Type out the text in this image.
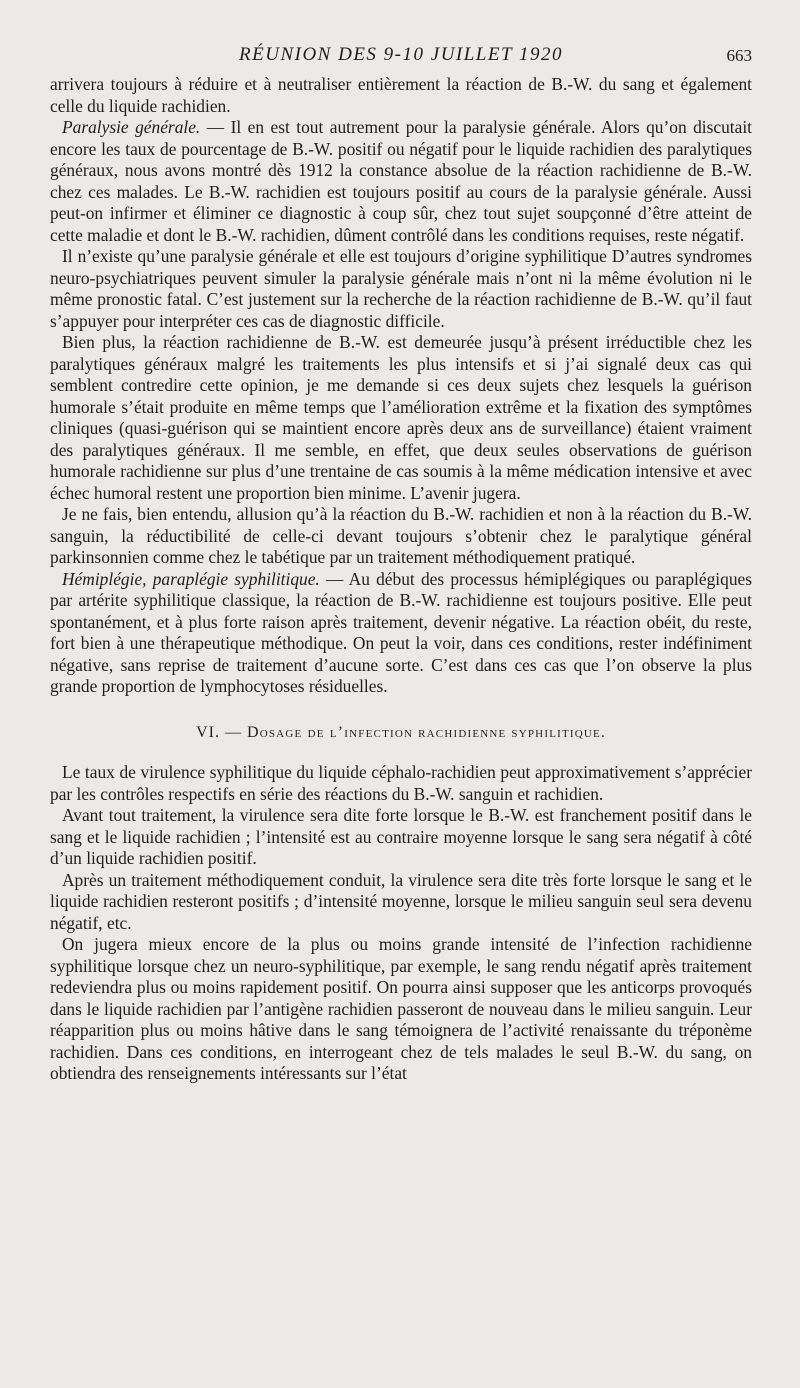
RÉUNION DES 9-10 JUILLET 1920	663

arrivera toujours à réduire et à neutraliser entièrement la réaction de B.-W. du sang et également celle du liquide rachidien.

Paralysie générale. — Il en est tout autrement pour la paralysie générale. Alors qu’on discutait encore les taux de pourcentage de B.-W. positif ou négatif pour le liquide rachidien des paralytiques généraux, nous avons montré dès 1912 la constance absolue de la réaction rachidienne de B.-W. chez ces malades. Le B.-W. rachidien est toujours positif au cours de la paralysie générale. Aussi peut-on infirmer et éliminer ce diagnostic à coup sûr, chez tout sujet soupçonné d’être atteint de cette maladie et dont le B.-W. rachidien, dûment contrôlé dans les conditions requises, reste négatif.

Il n’existe qu’une paralysie générale et elle est toujours d’origine syphilitique D’autres syndromes neuro-psychiatriques peuvent simuler la paralysie générale mais n’ont ni la même évolution ni le même pronostic fatal. C’est justement sur la recherche de la réaction rachidienne de B.-W. qu’il faut s’appuyer pour interpréter ces cas de diagnostic difficile.

Bien plus, la réaction rachidienne de B.-W. est demeurée jusqu’à présent irréductible chez les paralytiques généraux malgré les traitements les plus intensifs et si j’ai signalé deux cas qui semblent contredire cette opinion, je me demande si ces deux sujets chez lesquels la guérison humorale s’était produite en même temps que l’amélioration extrême et la fixation des symptômes cliniques (quasi-guérison qui se maintient encore après deux ans de surveillance) étaient vraiment des paralytiques généraux. Il me semble, en effet, que deux seules observations de guérison humorale rachidienne sur plus d’une trentaine de cas soumis à la même médication intensive et avec échec humoral restent une proportion bien minime. L’avenir jugera.

Je ne fais, bien entendu, allusion qu’à la réaction du B.-W. rachidien et non à la réaction du B.-W. sanguin, la réductibilité de celle-ci devant toujours s’obtenir chez le paralytique général parkinsonnien comme chez le tabétique par un traitement méthodiquement pratiqué.

Hémiplégie, paraplégie syphilitique. — Au début des processus hémiplégiques ou paraplégiques par artérite syphilitique classique, la réaction de B.-W. rachidienne est toujours positive. Elle peut spontanément, et à plus forte raison après traitement, devenir négative. La réaction obéit, du reste, fort bien à une thérapeutique méthodique. On peut la voir, dans ces conditions, rester indéfiniment négative, sans reprise de traitement d’aucune sorte. C’est dans ces cas que l’on observe la plus grande proportion de lymphocytoses résiduelles.

VI. — Dosage de l’infection rachidienne syphilitique.

Le taux de virulence syphilitique du liquide céphalo-rachidien peut approximativement s’apprécier par les contrôles respectifs en série des réactions du B.-W. sanguin et rachidien.

Avant tout traitement, la virulence sera dite forte lorsque le B.-W. est franchement positif dans le sang et le liquide rachidien ; l’intensité est au contraire moyenne lorsque le sang sera négatif à côté d’un liquide rachidien positif.

Après un traitement méthodiquement conduit, la virulence sera dite très forte lorsque le sang et le liquide rachidien resteront positifs ; d’intensité moyenne, lorsque le milieu sanguin seul sera devenu négatif, etc.

On jugera mieux encore de la plus ou moins grande intensité de l’infection rachidienne syphilitique lorsque chez un neuro-syphilitique, par exemple, le sang rendu négatif après traitement redeviendra plus ou moins rapidement positif. On pourra ainsi supposer que les anticorps provoqués dans le liquide rachidien par l’antigène rachidien passeront de nouveau dans le milieu sanguin. Leur réapparition plus ou moins hâtive dans le sang témoignera de l’activité renaissante du tréponème rachidien. Dans ces conditions, en interrogeant chez de tels malades le seul B.-W. du sang, on obtiendra des renseignements intéressants sur l’état
